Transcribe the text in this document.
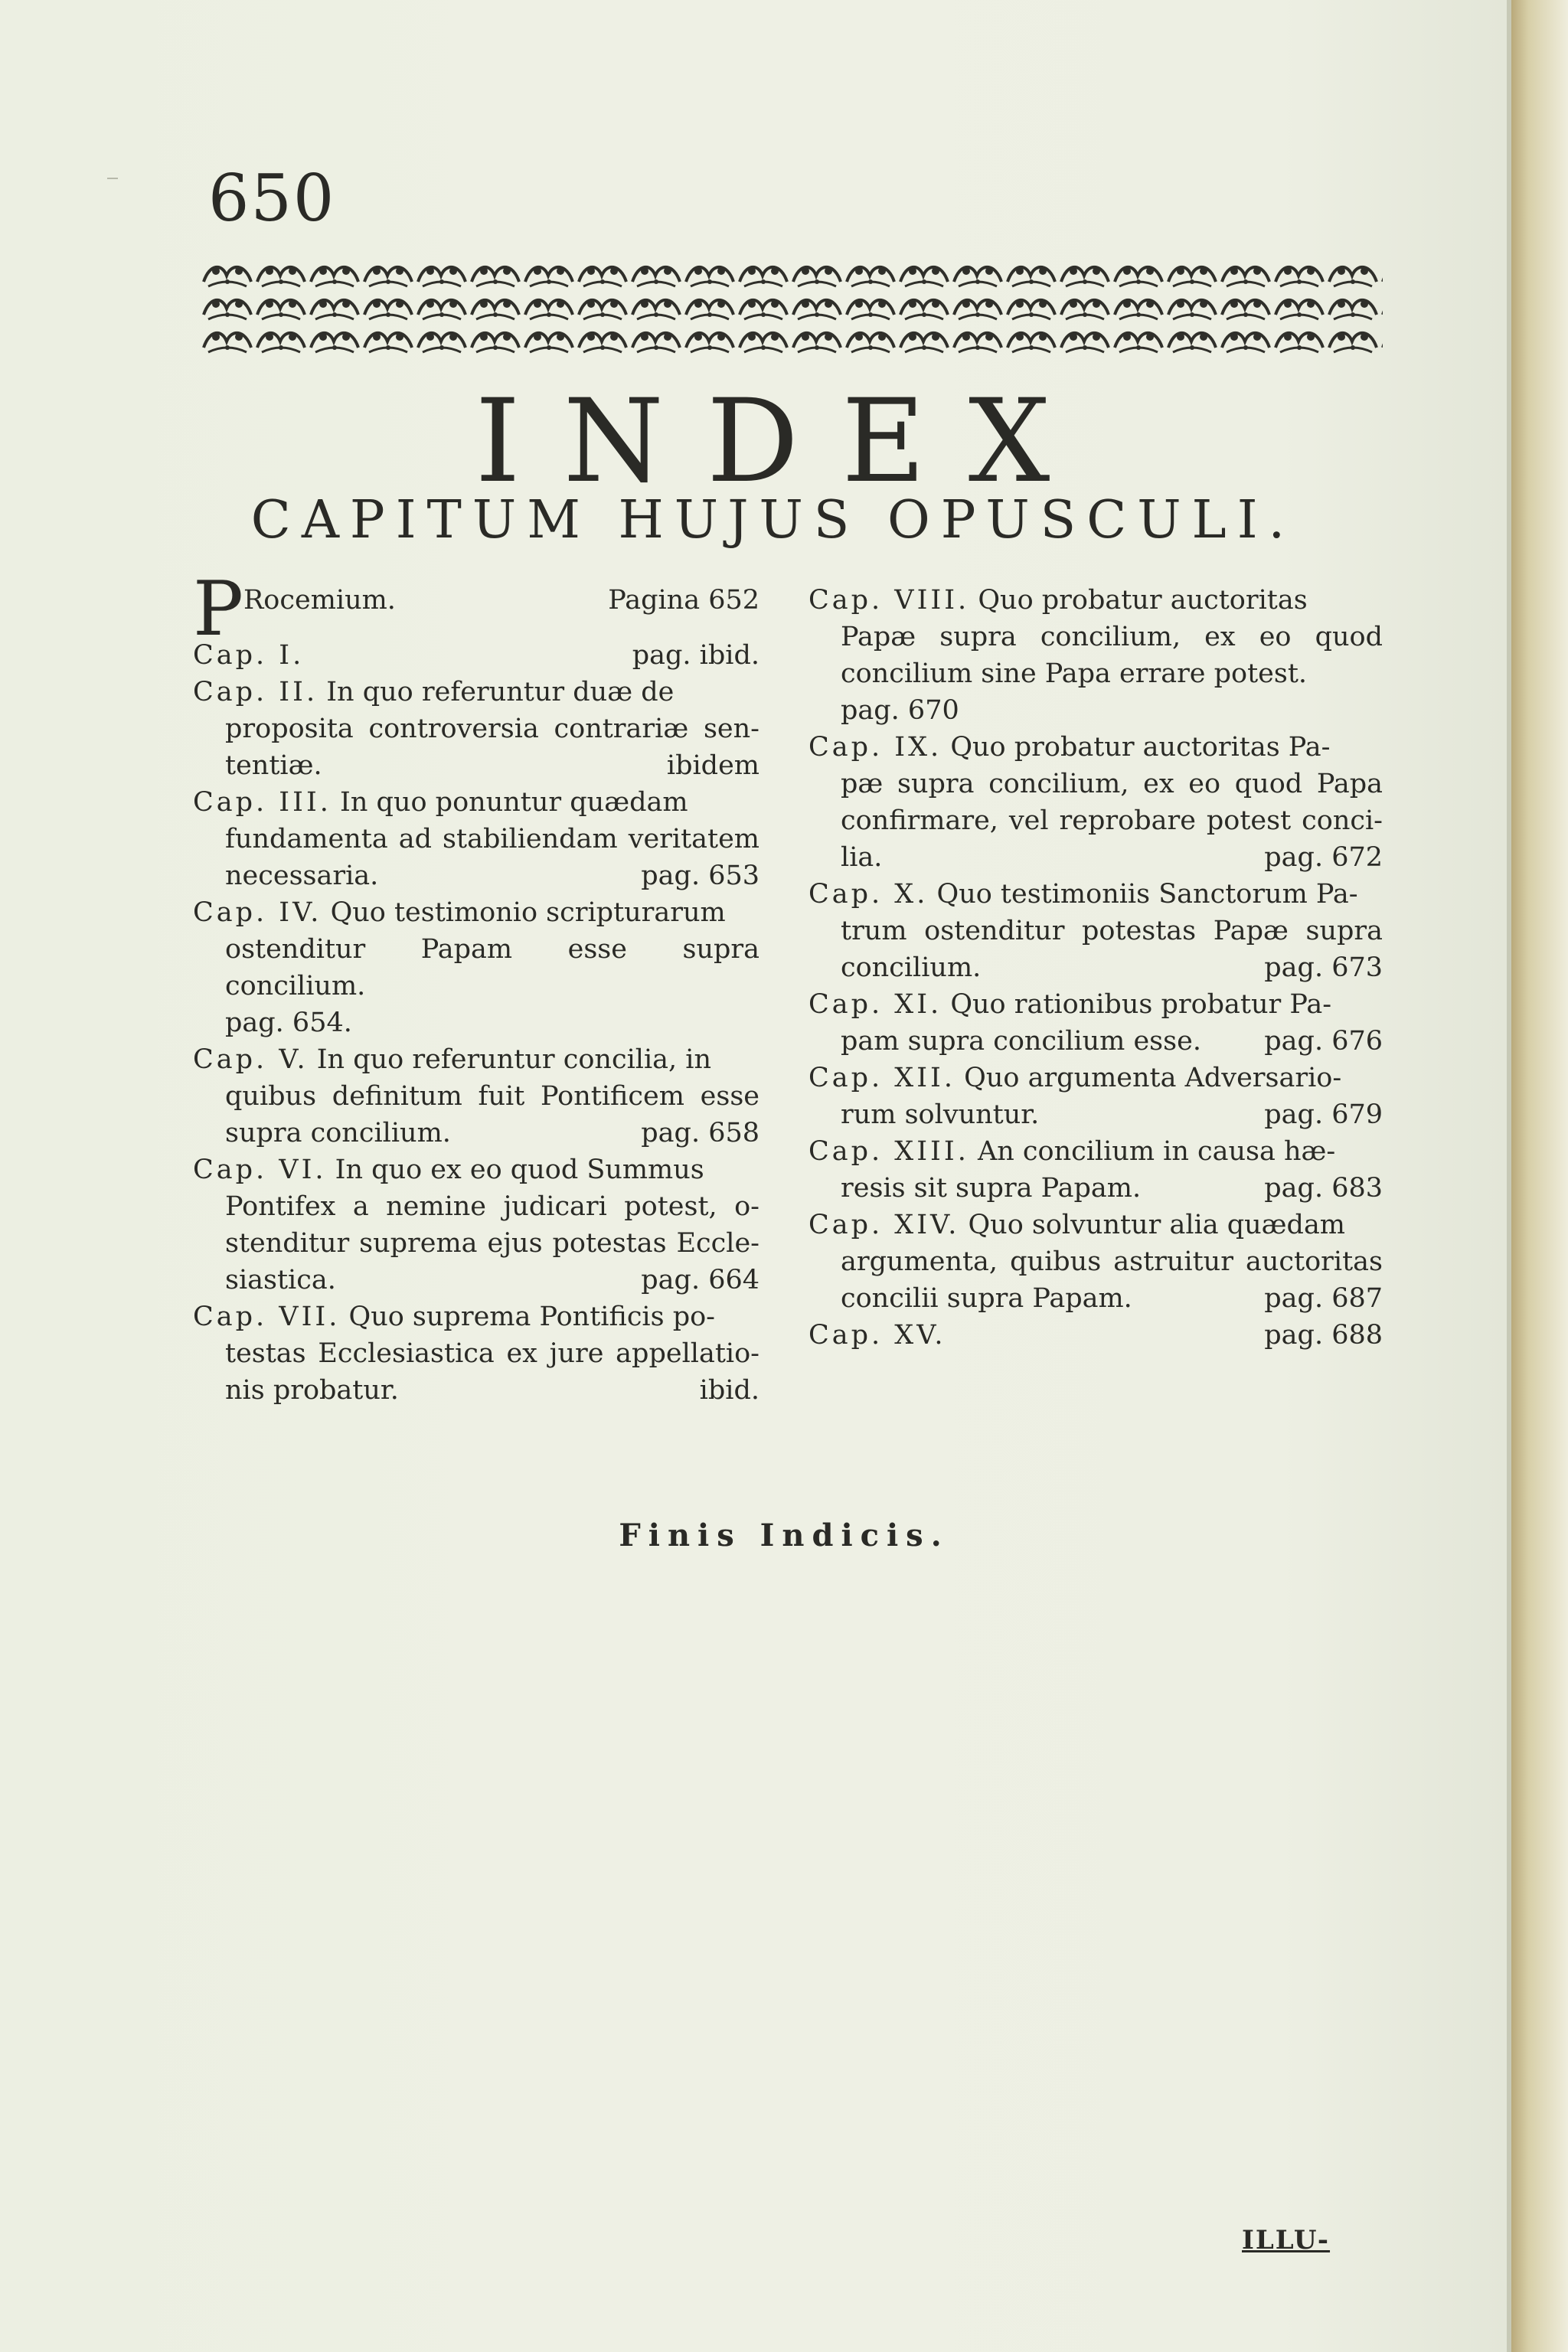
650
INDEX
CAPITUM HUJUS OPUSCULI.
PRocemium.	Pagina 652
Cap. I.	pag. ibid.
Cap. II. In quo referuntur duæ de
proposita controversia contrariæ sen-tentiæ.	ibidem
Cap. III. In quo ponuntur quædam
fundamenta ad stabiliendam veritatem necessaria.	pag. 653
Cap. IV. Quo testimonio scripturarum
ostenditur Papam esse supra concilium.
pag. 654.
Cap. V. In quo referuntur concilia, in
quibus definitum fuit Pontificem esse supra concilium.	pag. 658
Cap. VI. In quo ex eo quod Summus
Pontifex a nemine judicari potest, o-stenditur suprema ejus potestas Eccle-siastica.	pag. 664
Cap. VII. Quo suprema Pontificis po-
testas Ecclesiastica ex jure appellatio-nis probatur.	ibid.
Cap. VIII. Quo probatur auctoritas
Papæ supra concilium, ex eo quod concilium sine Papa errare potest.
pag. 670
Cap. IX. Quo probatur auctoritas Pa-
pæ supra concilium, ex eo quod Papa confirmare, vel reprobare potest conci-lia.	pag. 672
Cap. X. Quo testimoniis Sanctorum Pa-
trum ostenditur potestas Papæ supra concilium.	pag. 673
Cap. XI. Quo rationibus probatur Pa-
pam supra concilium esse. pag. 676
Cap. XII. Quo argumenta Adversario-
rum solvuntur.	pag. 679
Cap. XIII. An concilium in causa hæ-
resis sit supra Papam.	pag. 683
Cap. XIV. Quo solvuntur alia quædam
argumenta, quibus astruitur auctoritas concilii supra Papam.	pag. 687
Cap. XV.	pag. 688
Finis Indicis.
ILLU-
